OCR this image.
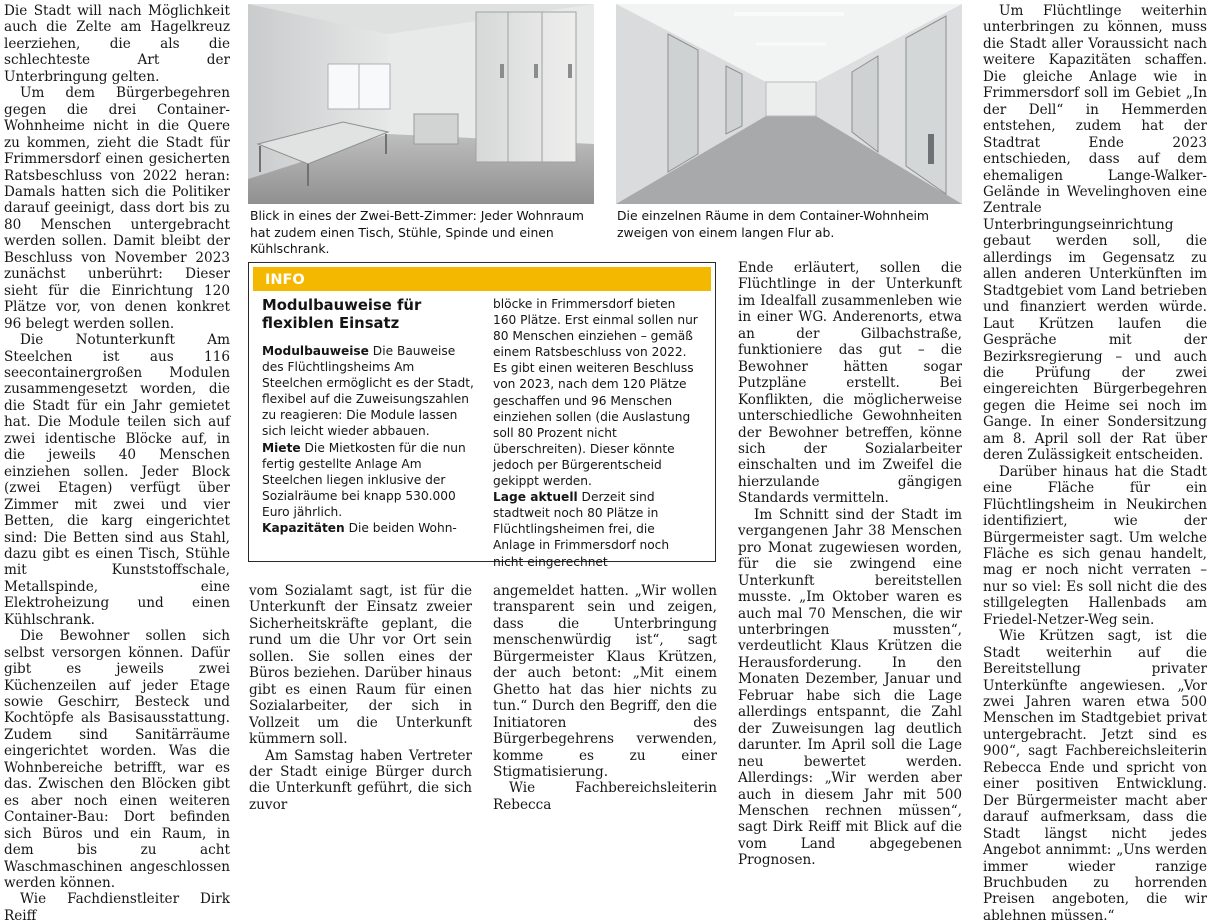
Die Stadt will nach Möglichkeit auch die Zelte am Hagelkreuz leerziehen, die als die schlechteste Art der Unterbringung gelten.

Um dem Bürgerbegehren gegen die drei Container-Wohnheime nicht in die Quere zu kommen, zieht die Stadt für Frimmersdorf einen gesicherten Ratsbeschluss von 2022 heran: Damals hatten sich die Politiker darauf geeinigt, dass dort bis zu 80 Menschen untergebracht werden sollen. Damit bleibt der Beschluss von November 2023 zunächst unberührt: Dieser sieht für die Einrichtung 120 Plätze vor, von denen konkret 96 belegt werden sollen.

Die Notunterkunft Am Steelchen ist aus 116 seecontainergroßen Modulen zusammengesetzt worden, die die Stadt für ein Jahr gemietet hat. Die Module teilen sich auf zwei identische Blöcke auf, in die jeweils 40 Menschen einziehen sollen. Jeder Block (zwei Etagen) verfügt über Zimmer mit zwei und vier Betten, die karg eingerichtet sind: Die Betten sind aus Stahl, dazu gibt es einen Tisch, Stühle mit Kunststoffschale, Metallspinde, eine Elektroheizung und einen Kühlschrank.

Die Bewohner sollen sich selbst versorgen können. Dafür gibt es jeweils zwei Küchenzeilen auf jeder Etage sowie Geschirr, Besteck und Kochtöpfe als Basisausstattung. Zudem sind Sanitärräume eingerichtet worden. Was die Wohnbereiche betrifft, war es das. Zwischen den Blöcken gibt es aber noch einen weiteren Container-Bau: Dort befinden sich Büros und ein Raum, in dem bis zu acht Waschmaschinen angeschlossen werden können.

Wie Fachdienstleiter Dirk Reiff

Blick in eines der Zwei-Bett-Zimmer: Jeder Wohnraum hat zudem einen Tisch, Stühle, Spinde und einen Kühlschrank.
Die einzelnen Räume in dem Container-Wohnheim zweigen von einem langen Flur ab.
INFO
Modulbauweise für flexiblen Einsatz

Modulbauweise Die Bauweise des Flüchtlingsheims Am Steelchen ermöglicht es der Stadt, flexibel auf die Zuweisungszahlen zu reagieren: Die Module lassen sich leicht wieder abbauen.

Miete Die Mietkosten für die nun fertig gestellte Anlage Am Steelchen liegen inklusive der Sozialräume bei knapp 530.000 Euro jährlich.

Kapazitäten Die beiden Wohn-

blöcke in Frimmersdorf bieten 160 Plätze. Erst einmal sollen nur 80 Menschen einziehen – gemäß einem Ratsbeschluss von 2022. Es gibt einen weiteren Beschluss von 2023, nach dem 120 Plätze geschaffen und 96 Menschen einziehen sollen (die Auslastung soll 80 Prozent nicht überschreiten). Dieser könnte jedoch per Bürgerentscheid gekippt werden.

Lage aktuell Derzeit sind stadtweit noch 80 Plätze in Flüchtlingsheimen frei, die Anlage in Frimmersdorf noch nicht eingerechnet

vom Sozialamt sagt, ist für die Unterkunft der Einsatz zweier Sicherheitskräfte geplant, die rund um die Uhr vor Ort sein sollen. Sie sollen eines der Büros beziehen. Darüber hinaus gibt es einen Raum für einen Sozialarbeiter, der sich in Vollzeit um die Unterkunft kümmern soll.

Am Samstag haben Vertreter der Stadt einige Bürger durch die Unterkunft geführt, die sich zuvor

angemeldet hatten. „Wir wollen transparent sein und zeigen, dass die Unterbringung menschenwürdig ist“, sagt Bürgermeister Klaus Krützen, der auch betont: „Mit einem Ghetto hat das hier nichts zu tun.“ Durch den Begriff, den die Initiatoren des Bürgerbegehrens verwenden, komme es zu einer Stigmatisierung.

Wie Fachbereichsleiterin Rebecca

Ende erläutert, sollen die Flüchtlinge in der Unterkunft im Idealfall zusammenleben wie in einer WG. Anderenorts, etwa an der Gilbachstraße, funktioniere das gut – die Bewohner hätten sogar Putzpläne erstellt. Bei Konflikten, die möglicherweise unterschiedliche Gewohnheiten der Bewohner betreffen, könne sich der Sozialarbeiter einschalten und im Zweifel die hierzulande gängigen Standards vermitteln.

Im Schnitt sind der Stadt im vergangenen Jahr 38 Menschen pro Monat zugewiesen worden, für die sie zwingend eine Unterkunft bereitstellen musste. „Im Oktober waren es auch mal 70 Menschen, die wir unterbringen mussten“, verdeutlicht Klaus Krützen die Herausforderung. In den Monaten Dezember, Januar und Februar habe sich die Lage allerdings entspannt, die Zahl der Zuweisungen lag deutlich darunter. Im April soll die Lage neu bewertet werden. Allerdings: „Wir werden aber auch in diesem Jahr mit 500 Menschen rechnen müssen“, sagt Dirk Reiff mit Blick auf die vom Land abgegebenen Prognosen.

Um Flüchtlinge weiterhin unterbringen zu können, muss die Stadt aller Voraussicht nach weitere Kapazitäten schaffen. Die gleiche Anlage wie in Frimmersdorf soll im Gebiet „In der Dell“ in Hemmerden entstehen, zudem hat der Stadtrat Ende 2023 entschieden, dass auf dem ehemaligen Lange-Walker-Gelände in Wevelinghoven eine Zentrale Unterbringungseinrichtung gebaut werden soll, die allerdings im Gegensatz zu allen anderen Unterkünften im Stadtgebiet vom Land betrieben und finanziert werden würde. Laut Krützen laufen die Gespräche mit der Bezirksregierung – und auch die Prüfung der zwei eingereichten Bürgerbegehren gegen die Heime sei noch im Gange. In einer Sondersitzung am 8. April soll der Rat über deren Zulässigkeit entscheiden.

Darüber hinaus hat die Stadt eine Fläche für ein Flüchtlingsheim in Neukirchen identifiziert, wie der Bürgermeister sagt. Um welche Fläche es sich genau handelt, mag er noch nicht verraten – nur so viel: Es soll nicht die des stillgelegten Hallenbads am Friedel-Netzer-Weg sein.

Wie Krützen sagt, ist die Stadt weiterhin auf die Bereitstellung privater Unterkünfte angewiesen. „Vor zwei Jahren waren etwa 500 Menschen im Stadtgebiet privat untergebracht. Jetzt sind es 900“, sagt Fachbereichsleiterin Rebecca Ende und spricht von einer positiven Entwicklung. Der Bürgermeister macht aber darauf aufmerksam, dass die Stadt längst nicht jedes Angebot annimmt: „Uns werden immer wieder ranzige Bruchbuden zu horrenden Preisen angeboten, die wir ablehnen müssen.“
